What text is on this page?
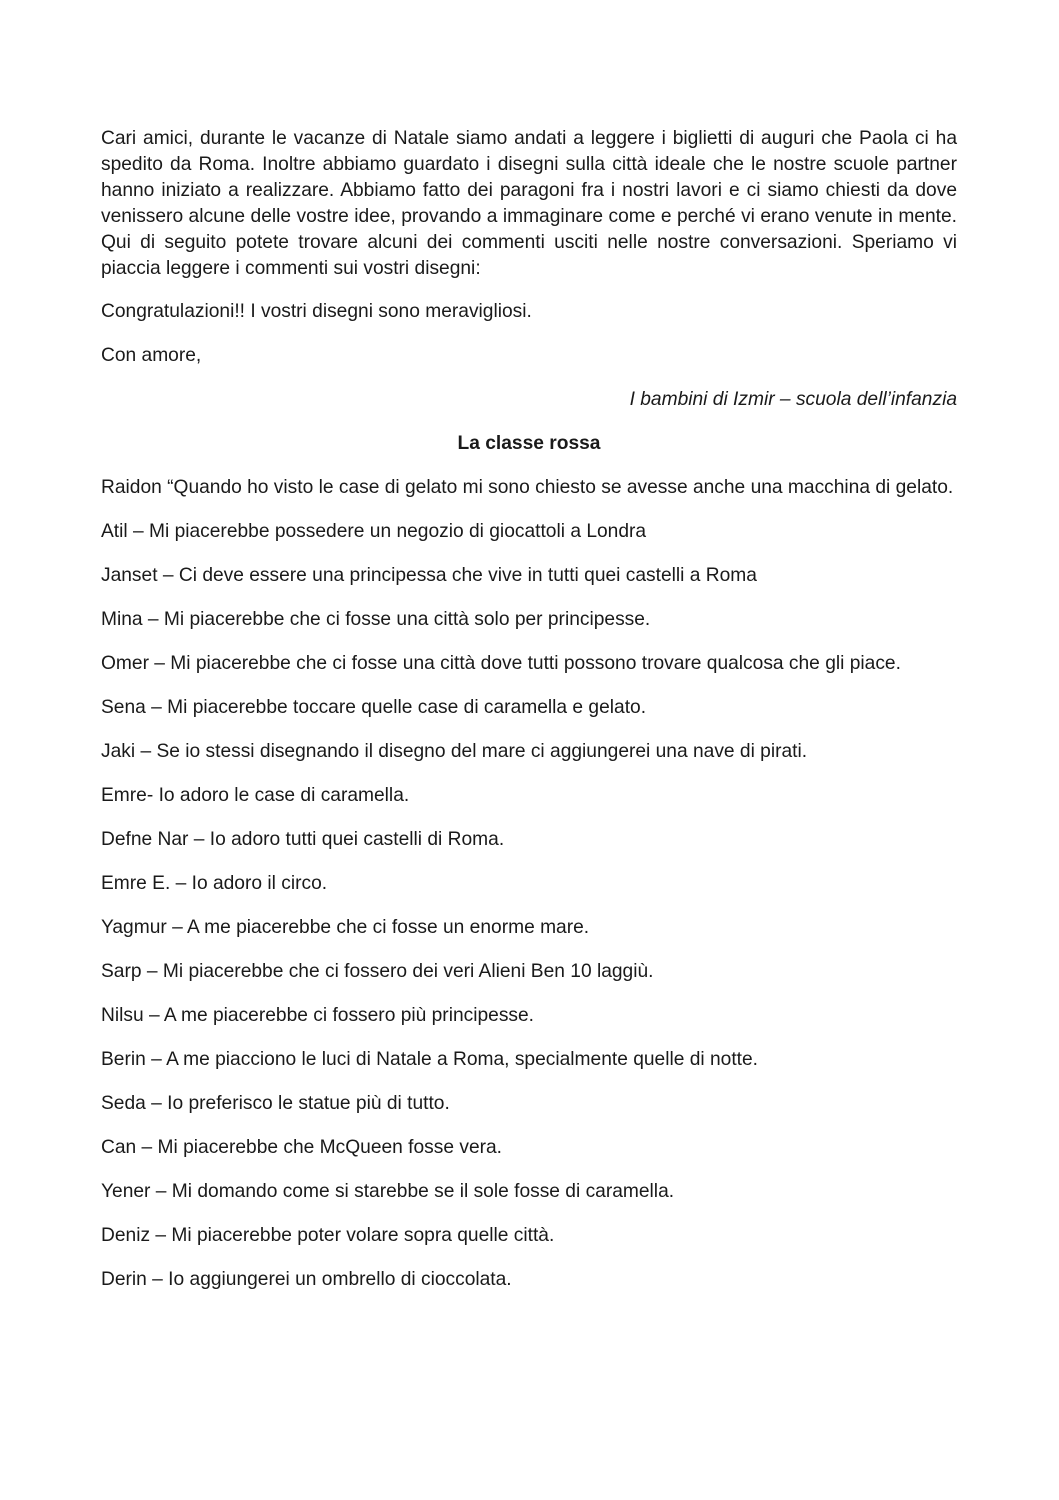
Cari amici, durante le vacanze di Natale siamo andati a leggere i biglietti di auguri che Paola ci ha spedito da Roma. Inoltre abbiamo guardato i disegni sulla città ideale che le nostre scuole partner hanno iniziato a realizzare. Abbiamo fatto dei paragoni fra i nostri lavori e ci siamo chiesti da dove venissero alcune delle vostre idee, provando a immaginare come e perché vi erano venute in mente. Qui di seguito potete trovare alcuni dei commenti usciti nelle nostre conversazioni. Speriamo vi piaccia leggere i commenti sui vostri disegni:

Congratulazioni!! I vostri disegni sono meravigliosi.

Con amore,

I bambini di Izmir – scuola dell’infanzia

La classe rossa

Raidon “Quando ho visto le case di gelato mi sono chiesto se avesse anche una macchina di gelato.

Atil – Mi piacerebbe possedere un negozio di giocattoli a Londra

Janset – Ci deve essere una principessa che vive in tutti quei castelli a Roma

Mina – Mi piacerebbe che ci fosse una città solo per principesse.

Omer – Mi piacerebbe che ci fosse una città dove tutti possono trovare qualcosa che gli piace.

Sena – Mi piacerebbe toccare quelle case di caramella e gelato.

Jaki – Se io stessi disegnando il disegno del mare ci aggiungerei una nave di pirati.

Emre- Io adoro le case di caramella.

Defne Nar – Io adoro tutti quei castelli di Roma.

Emre E. – Io adoro il circo.

Yagmur – A me piacerebbe che ci fosse un enorme mare.

Sarp – Mi piacerebbe che ci fossero dei veri Alieni Ben 10 laggiù.

Nilsu – A me piacerebbe ci fossero più principesse.

Berin – A me piacciono le luci di Natale a Roma, specialmente quelle di notte.

Seda – Io preferisco le statue più di tutto.

Can – Mi piacerebbe che McQueen fosse vera.

Yener – Mi domando come si starebbe se il sole fosse di caramella.

Deniz – Mi piacerebbe poter volare sopra quelle città.

Derin – Io aggiungerei un ombrello di cioccolata.
